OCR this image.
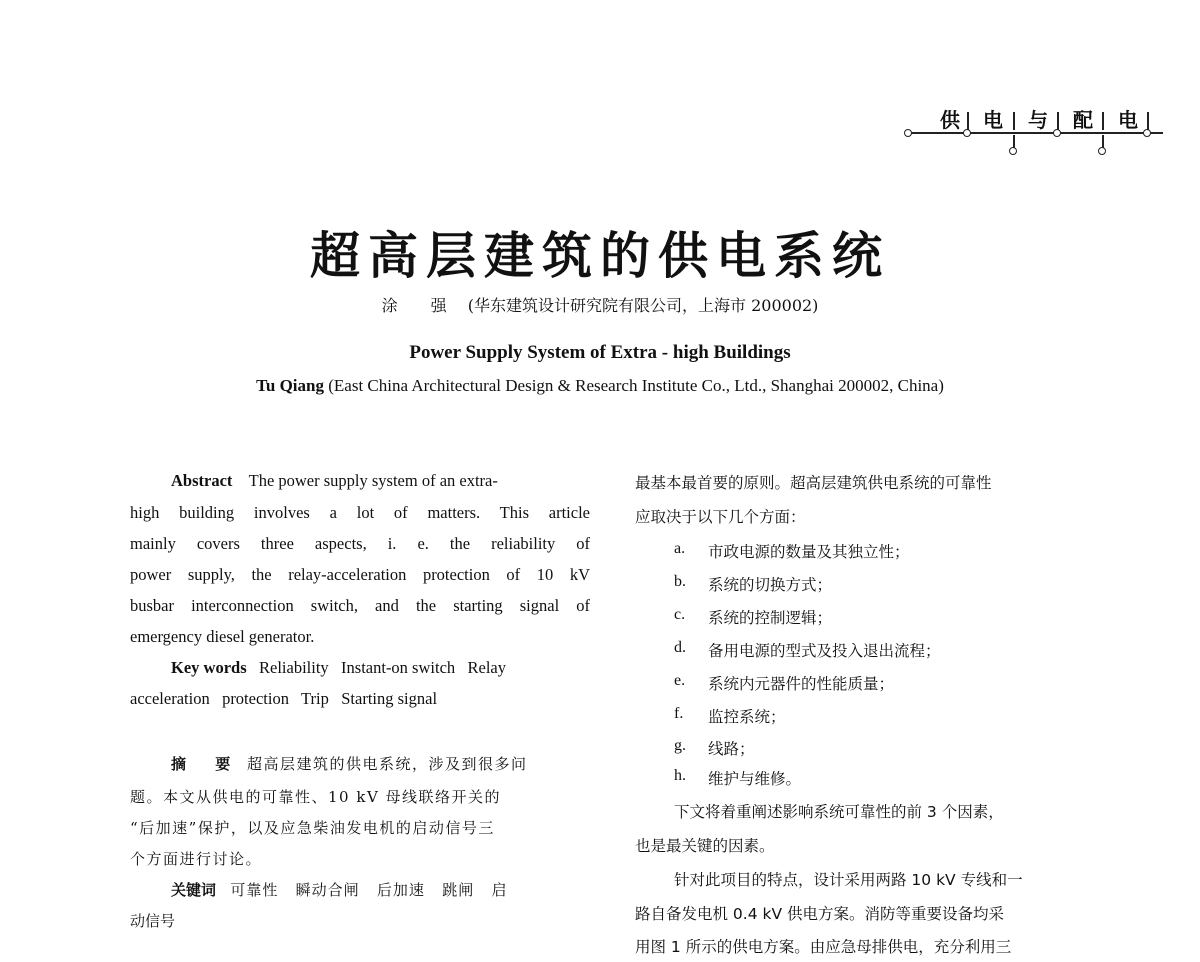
供 电 与 配 电
超高层建筑的供电系统
涂 强 (华东建筑设计研究院有限公司，上海市 200002)
Power Supply System of Extra - high Buildings
Tu Qiang (East China Architectural Design & Research Institute Co., Ltd., Shanghai 200002, China)
Abstract The power supply system of an extra-
high building involves a lot of matters. This article
mainly covers three aspects, i. e. the reliability of
power supply, the relay-acceleration protection of 10 kV
busbar interconnection switch, and the starting signal of
emergency diesel generator.
Key words Reliability   Instant-on switch   Relay
acceleration   protection   Trip   Starting signal
摘 要 超高层建筑的供电系统，涉及到很多问
题。本文从供电的可靠性、10 kV 母线联络开关的
“后加速”保护，以及应急柴油发电机的启动信号三
个方面进行讨论。
关键词 可靠性   瞬动合闸   后加速   跳闸   启
动信号
最基本最首要的原则。超高层建筑供电系统的可靠性
应取决于以下几个方面：
a. 市政电源的数量及其独立性；
b. 系统的切换方式；
c. 系统的控制逻辑；
d. 备用电源的型式及投入退出流程；
e. 系统内元器件的性能质量；
f. 监控系统；
g. 线路；
h. 维护与维修。
下文将着重阐述影响系统可靠性的前 3 个因素，
也是最关键的因素。
针对此项目的特点，设计采用两路 10 kV 专线和一
路自备发电机 0.4 kV 供电方案。消防等重要设备均采
用图 1 所示的供电方案。由应急母排供电，充分利用三
